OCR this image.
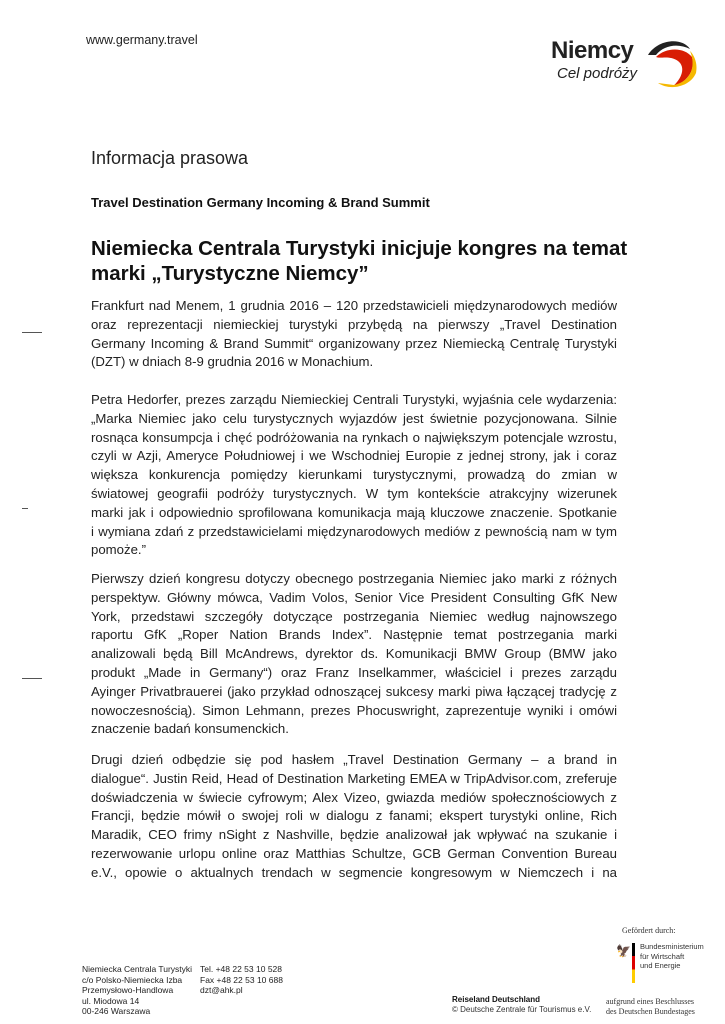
www.germany.travel	Niemcy
Cel podróży
Informacja prasowa
Travel Destination Germany Incoming & Brand Summit
Niemiecka Centrala Turystyki inicjuje kongres na temat
marki „Turystyczne Niemcy”
Frankfurt nad Menem, 1 grudnia 2016 – 120 przedstawicieli międzynarodowych mediów
oraz reprezentacji niemieckiej turystyki przybędą na pierwszy „Travel Destination
Germany Incoming & Brand Summit“ organizowany przez Niemiecką Centralę Turystyki
(DZT) w dniach 8-9 grudnia 2016 w Monachium.
Petra Hedorfer, prezes zarządu Niemieckiej Centrali Turystyki, wyjaśnia cele wydarzenia:
„Marka Niemiec jako celu turystycznych wyjazdów jest świetnie pozycjonowana. Silnie
rosnąca konsumpcja i chęć podróżowania na rynkach o największym potencjale wzrostu,
czyli w Azji, Ameryce Południowej i we Wschodniej Europie z jednej strony, jak i coraz
większa konkurencja pomiędzy kierunkami turystycznymi, prowadzą do zmian w
światowej geografii podróży turystycznych. W tym kontekście atrakcyjny wizerunek
marki jak i odpowiednio sprofilowana komunikacja mają kluczowe znaczenie. Spotkanie
i wymiana zdań z przedstawicielami międzynarodowych mediów z pewnością nam w tym
pomoże.”
Pierwszy dzień kongresu dotyczy obecnego postrzegania Niemiec jako marki z różnych
perspektyw. Główny mówca, Vadim Volos, Senior Vice President Consulting GfK New
York, przedstawi szczegóły dotyczące postrzegania Niemiec według najnowszego
raportu GfK „Roper Nation Brands Index”. Następnie temat postrzegania marki
analizowali będą Bill McAndrews, dyrektor ds. Komunikacji BMW Group (BMW jako
produkt „Made in Germany“) oraz Franz Inselkammer, właściciel i prezes zarządu
Ayinger Privatbrauerei (jako przykład odnoszącej sukcesy marki piwa łączącej tradycję z
nowoczesnością). Simon Lehmann, prezes Phocuswright, zaprezentuje wyniki i omówi
znaczenie badań konsumenckich.
Drugi dzień odbędzie się pod hasłem „Travel Destination Germany – a brand in
dialogue“. Justin Reid, Head of Destination Marketing EMEA w TripAdvisor.com, zreferuje
doświadczenia w świecie cyfrowym; Alex Vizeo, gwiazda mediów społecznościowych z
Francji, będzie mówił o swojej roli w dialogu z fanami; ekspert turystyki online, Rich
Maradik, CEO frimy nSight z Nashville, będzie analizował jak wpływać na szukanie i
rezerwowanie urlopu online oraz Matthias Schultze, GCB German Convention Bureau
e.V., opowie o aktualnych trendach w segmencie kongresowym w Niemczech i na
Niemiecka Centrala Turystyki
c/o Polsko-Niemiecka Izba
Przemysłowo-Handlowa
ul. Miodowa 14
00-246 Warszawa
Tel. +48 22 53 10 528
Fax +48 22 53 10 688
dzt@ahk.pl
Reiseland Deutschland
© Deutsche Zentrale für Tourismus e.V.
Gefördert durch:
🦅 Bundesministerium
für Wirtschaft
und Energie
aufgrund eines Beschlusses
des Deutschen Bundestages
